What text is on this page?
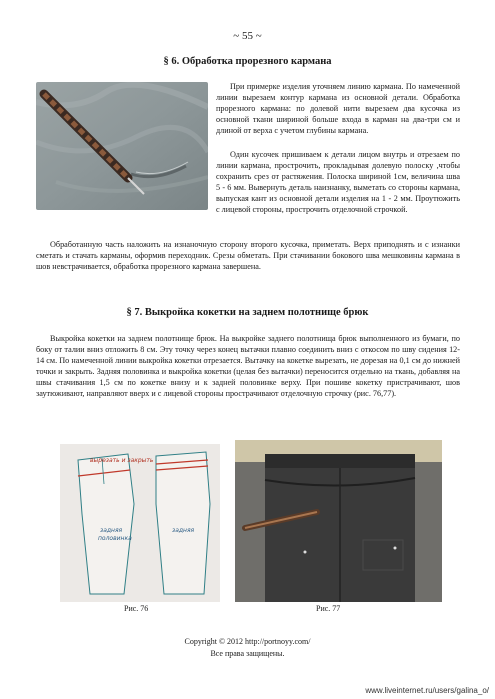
~ 55 ~
§ 6. Обработка прорезного кармана

При примерке изделия уточняем линию кармана. По намеченной линии вырезаем контур кармана из основной детали. Обработка прорезного кармана: по долевой нити вырезаем два кусочка из основной ткани шириной больше входа в карман на два-три см и длиной от верха с учетом глубины кармана.

Один кусочек пришиваем к детали лицом внутрь и отрезаем по линии кармана, прострочить, прокладывая долевую полоску ,чтобы сохранить срез от растяжения. Полоска шириной 1см, величина шва 5 - 6 мм. Вывернуть деталь наизнанку, выметать со стороны кармана, выпуская кант из основной детали изделия на 1 - 2 мм. Проутюжить с лицевой стороны, прострочить отделочной строчкой.

Обработанную часть наложить на изнаночную сторону второго кусочка, приметать. Верх приподнять и с изнанки сметать и стачать карманы, оформив переходник. Срезы обметать. При стачивании бокового шва мешковины кармана в шов невстрачивается, обработка прорезного кармана завершена.

§ 7. Выкройка кокетки на заднем полотнище брюк

Выкройка кокетки на заднем полотнище брюк. На выкройке заднего полотнища брюк выполненного из бумаги, по боку от талии вниз отложить 8 см. Эту точку через конец вытачки плавно соединить вниз с откосом по шву сидения 12-14 см. По намеченной линии выкройка кокетки отрезается. Вытачку на кокетке вырезать, не дорезая на 0,1 см до нижней точки и закрыть. Задняя половинка и выкройка кокетки (целая без вытачки) переносится отдельно на ткань, добавляя на швы стачивания 1,5 см по кокетке внизу и к задней половинке верху. При пошиве кокетку пристрачивают, шов заутюживают, направляют вверх и с лицевой стороны прострачивают отделочную строчку (рис. 76,77).

вырезать и закрыть
задняя
половинка
задняя
Рис. 76	Рис. 77
Copyright © 2012 http://portnoyy.com/
Все права защищены.
www.liveinternet.ru/users/galina_o/
